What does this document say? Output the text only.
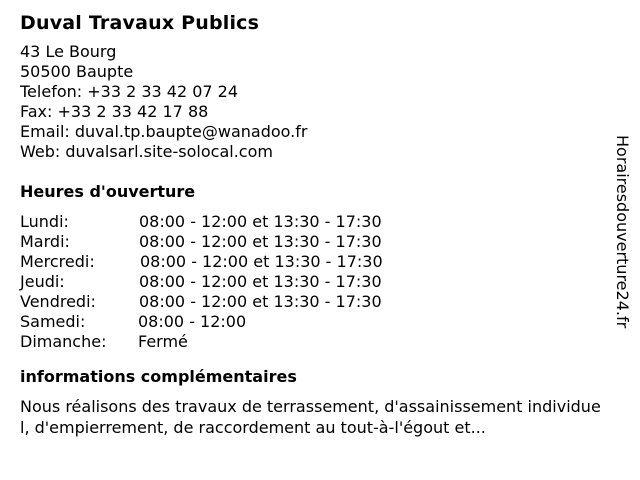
Duval Travaux Publics
43 Le Bourg
50500 Baupte
Telefon: +33 2 33 42 07 24
Fax: +33 2 33 42 17 88
Email: duval.tp.baupte@wanadoo.fr
Web: duvalsarl.site-solocal.com
Heures d'ouverture
Lundi:	08:00 - 12:00 et 13:30 - 17:30
Mardi:	08:00 - 12:00 et 13:30 - 17:30
Mercredi:	08:00 - 12:00 et 13:30 - 17:30
Jeudi:	08:00 - 12:00 et 13:30 - 17:30
Vendredi:	08:00 - 12:00 et 13:30 - 17:30
Samedi:	08:00 - 12:00
Dimanche:	Fermé
informations complémentaires
Nous réalisons des travaux de terrassement, d'assainissement individuel, d'empierrement, de raccordement au tout-à-l'égout et...
Horairesdouverture24.fr
